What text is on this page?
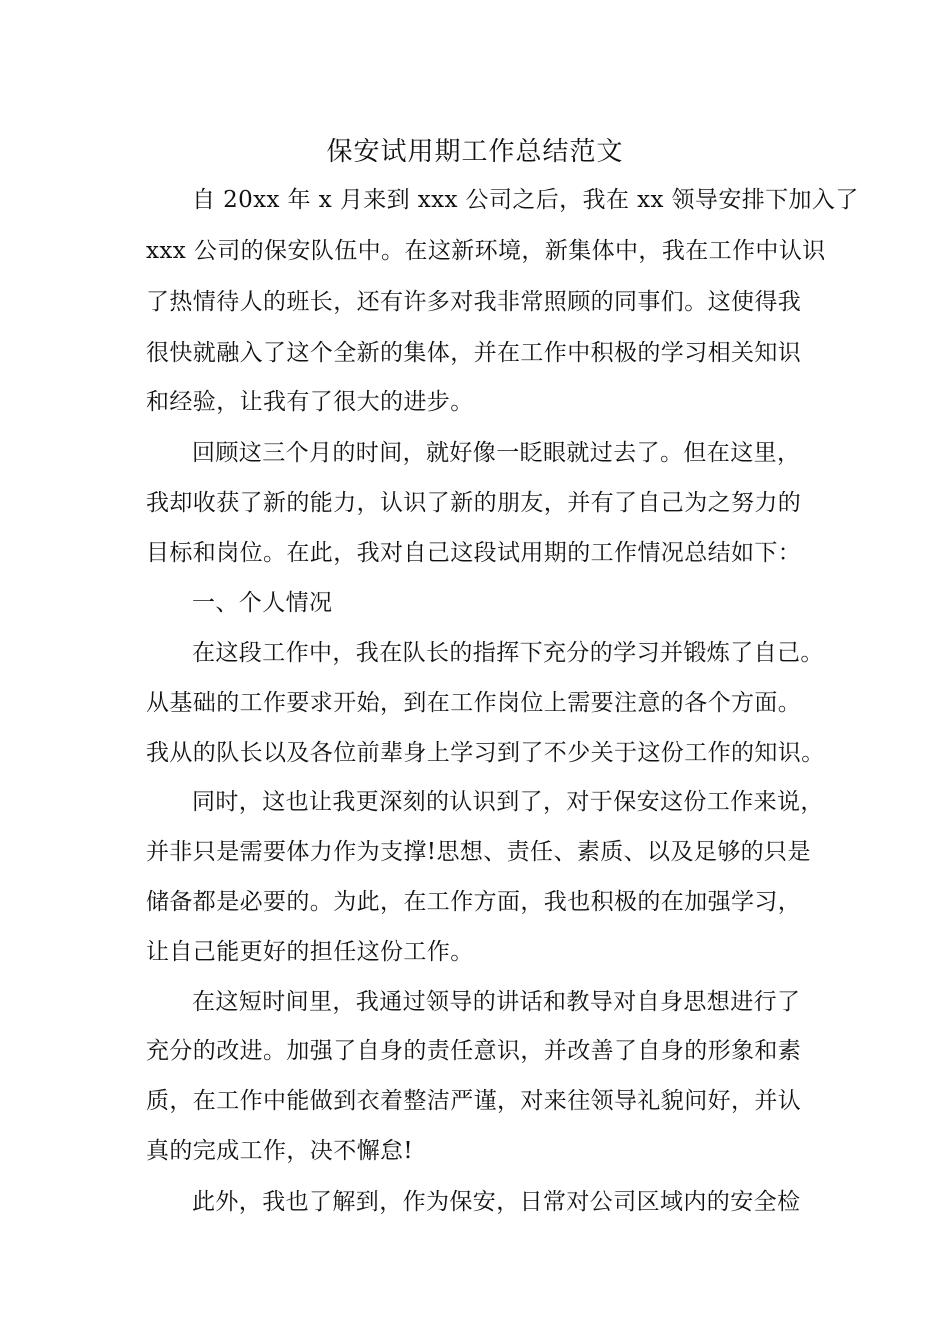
保安试用期工作总结范文
自 20xx 年 x 月来到 xxx 公司之后，我在 xx 领导安排下加入了
xxx 公司的保安队伍中。在这新环境，新集体中，我在工作中认识
了热情待人的班长，还有许多对我非常照顾的同事们。这使得我
很快就融入了这个全新的集体，并在工作中积极的学习相关知识
和经验，让我有了很大的进步。
回顾这三个月的时间，就好像一眨眼就过去了。但在这里，
我却收获了新的能力，认识了新的朋友，并有了自己为之努力的
目标和岗位。在此，我对自己这段试用期的工作情况总结如下：
一、个人情况
在这段工作中，我在队长的指挥下充分的学习并锻炼了自己。
从基础的工作要求开始，到在工作岗位上需要注意的各个方面。
我从的队长以及各位前辈身上学习到了不少关于这份工作的知识。
同时，这也让我更深刻的认识到了，对于保安这份工作来说，
并非只是需要体力作为支撑!思想、责任、素质、以及足够的只是
储备都是必要的。为此，在工作方面，我也积极的在加强学习，
让自己能更好的担任这份工作。
在这短时间里，我通过领导的讲话和教导对自身思想进行了
充分的改进。加强了自身的责任意识，并改善了自身的形象和素
质，在工作中能做到衣着整洁严谨，对来往领导礼貌问好，并认
真的完成工作，决不懈怠!
此外，我也了解到，作为保安，日常对公司区域内的安全检
